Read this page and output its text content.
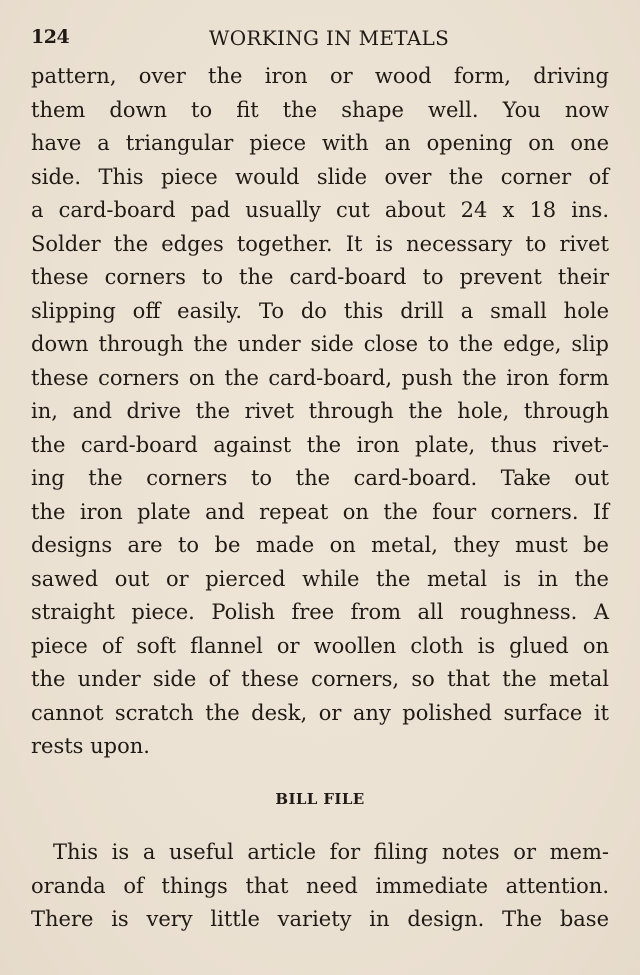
124	WORKING IN METALS
pattern, over the iron or wood form, driving
them down to fit the shape well. You now
have a triangular piece with an opening on one
side. This piece would slide over the corner of
a card-board pad usually cut about 24 x 18 ins.
Solder the edges together. It is necessary to rivet
these corners to the card-board to prevent their
slipping off easily. To do this drill a small hole
down through the under side close to the edge, slip
these corners on the card-board, push the iron form
in, and drive the rivet through the hole, through
the card-board against the iron plate, thus rivet-
ing the corners to the card-board. Take out
the iron plate and repeat on the four corners. If
designs are to be made on metal, they must be
sawed out or pierced while the metal is in the
straight piece. Polish free from all roughness. A
piece of soft flannel or woollen cloth is glued on
the under side of these corners, so that the metal
cannot scratch the desk, or any polished surface it
rests upon.
BILL FILE
This is a useful article for filing notes or mem-
oranda of things that need immediate attention.
There is very little variety in design. The base
